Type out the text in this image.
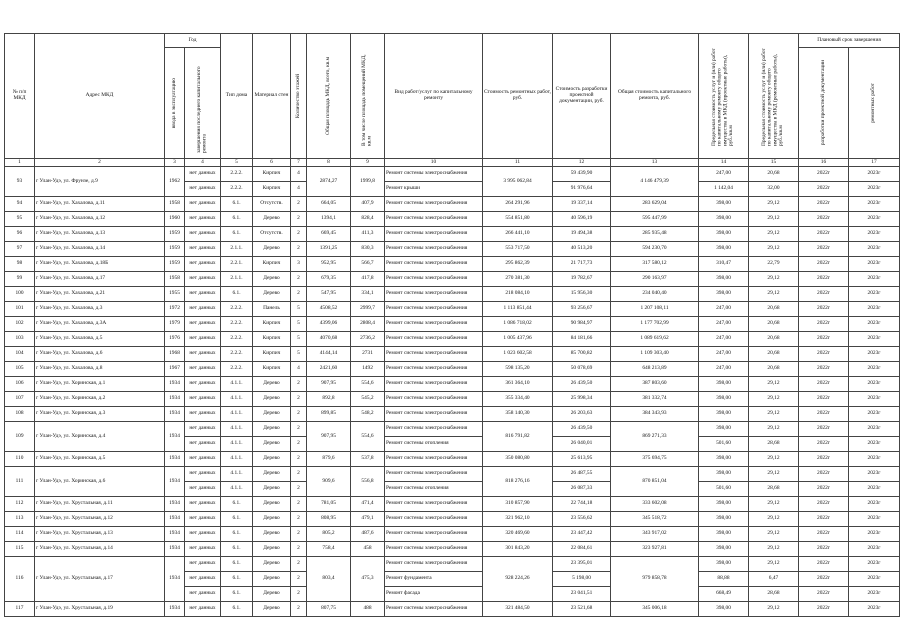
№ п/п МКД	Адрес МКД	Год		Тип дома	Материал стен	Количество этажей	Общая площадь МКД, всего, кв.м	В том числе площадь помещений МКД, кв.м	Вид работ/услуг по капитальному ремонту	Стоимость ремонтных работ, руб.	Стоимость разработки проектной документации, руб.	Общая стоимость капитального ремонта, руб.	Предельная стоимость услуг и (или) работ по капитальному ремонту общего имущества в МКД (проектные работы), руб./кв.м	Предельная стоимость услуг и (или) работ по капитальному ремонту общего имущества в МКД (ремонтные работы), руб./кв.м	Плановый срок завершения	

		ввода в эксплуатацию	завершения последнего капитального ремонта												разработки проектной документации	ремонтных работ

1	2	3	4	5	6	7	8	9	10	11	12	13	14	15	16	17
93	г Улан-Удэ, ул. Фрунзе, д.9	1962	нет данных	2.2.2.	Кирпич	4	2874,27	1999,8	Ремонт системы электроснабжения	3 995 062,84	59 439,90	4 146 479,39	247,00	20,68	2022г	2023г
			нет данных	2.2.2.	Кирпич	4			Ремонт крыши		91 976,64		1 142,04	32,00	2022г	2023г
94	г Улан-Удэ, ул. Хахалова, д.11	1958	нет данных	6.1.	Отсутств.	2	664,05	407,9	Ремонт системы электроснабжения	264 291,96	19 337,14	283 629,04	398,00	29,12	2022г	2023г
95	г Улан-Удэ, ул. Хахалова, д.12	1960	нет данных	6.1.	Дерево	2	1394,1	828,4	Ремонт системы электроснабжения	554 851,80	40 596,19	595 447,99	398,00	29,12	2022г	2023г
96	г Улан-Удэ, ул. Хахалова, д.13	1959	нет данных	6.1.	Отсутств.	2	669,45	411,3	Ремонт системы электроснабжения	266 441,10	19 494,38	285 935,48	398,00	29,12	2022г	2023г
97	г Улан-Удэ, ул. Хахалова, д.14	1959	нет данных	2.1.1.	Дерево	2	1391,25	830,3	Ремонт системы электроснабжения	553 717,50	40 513,20	594 230,70	398,00	29,12	2022г	2023г
98	г Улан-Удэ, ул. Хахалова, д.18Б	1959	нет данных	2.2.1.	Кирпич	3	952,95	566,7	Ремонт системы электроснабжения	295 862,39	21 717,73	317 580,12	310,47	22,79	2022г	2023г
99	г Улан-Удэ, ул. Хахалова, д.17	1958	нет данных	2.1.1.	Дерево	2	679,35	417,8	Ремонт системы электроснабжения	270 381,30	19 782,67	290 163,97	398,00	29,12	2022г	2023г
100	г Улан-Удэ, ул. Хахалова, д.21	1955	нет данных	6.1.	Дерево	2	547,95	334,1	Ремонт системы электроснабжения	218 084,10	15 956,30	234 040,40	398,00	29,12	2022г	2023г
101	г Улан-Удэ, ул. Хахалова, д.3	1972	нет данных	2.2.2.	Панель	5	4508,52	2999,7	Ремонт системы электроснабжения	1 113 851,44	93 256,67	1 207 108,11	247,00	20,68	2022г	2023г
102	г Улан-Удэ, ул. Хахалова, д.3А	1979	нет данных	2.2.2.	Кирпич	5	4399,06	2808,4	Ремонт системы электроснабжения	1 086 718,02	90 984,97	1 177 702,99	247,00	20,68	2022г	2023г
103	г Улан-Удэ, ул. Хахалова, д.5	1976	нет данных	2.2.2.	Кирпич	5	4070,68	2736,2	Ремонт системы электроснабжения	1 005 437,96	84 181,66	1 089 619,62	247,00	20,68	2022г	2023г
104	г Улан-Удэ, ул. Хахалова, д.6	1968	нет данных	2.2.2.	Кирпич	5	4144,14	2731	Ремонт системы электроснабжения	1 023 602,58	85 700,82	1 109 303,40	247,00	20,68	2022г	2023г
105	г Улан-Удэ, ул. Хахалова, д.8	1967	нет данных	2.2.2.	Кирпич	4	2421,60	1492	Ремонт системы электроснабжения	598 135,20	50 078,69	648 213,89	247,00	20,68	2022г	2023г
106	г Улан-Удэ, ул. Хоринская, д.1	1934	нет данных	4.1.1.	Дерево	2	907,95	554,6	Ремонт системы электроснабжения	361 364,10	26 439,50	387 803,60	398,00	29,12	2022г	2023г
107	г Улан-Удэ, ул. Хоринская, д.2	1934	нет данных	4.1.1.	Дерево	2	892,8	545,2	Ремонт системы электроснабжения	355 334,40	25 998,34	381 332,74	398,00	29,12	2022г	2023г
108	г Улан-Удэ, ул. Хоринская, д.3	1934	нет данных	4.1.1.	Дерево	2	899,85	548,2	Ремонт системы электроснабжения	358 140,30	26 203,63	384 343,93	398,00	29,12	2022г	2023г
109	г Улан-Удэ, ул. Хоринская, д.4	1934	нет данных	4.1.1.	Дерево	2	907,95	554,6	Ремонт системы электроснабжения	816 791,82	26 439,50	869 271,33	398,00	29,12	2022г	2023г
			нет данных	4.1.1.	Дерево	2			Ремонт системы отопления		26 040,01		501,60	28,68	2022г	2023г
110	г Улан-Удэ, ул. Хоринская, д.5	1934	нет данных	4.1.1.	Дерево	2	879,6	537,8	Ремонт системы электроснабжения	350 080,80	25 613,95	375 694,75	398,00	29,12	2022г	2023г
111	г Улан-Удэ, ул. Хоринская, д.6	1934	нет данных	4.1.1.	Дерево	2	909,6	556,8	Ремонт системы электроснабжения	818 276,16	26 487,55	870 851,04	398,00	29,12	2022г	2023г
			нет данных	4.1.1.	Дерево	2			Ремонт системы отопления		26 087,33		501,60	28,68	2022г	2023г
112	г Улан-Удэ, ул. Хрустальная, д.11	1934	нет данных	6.1.	Дерево	2	781,05	471,4	Ремонт системы электроснабжения	310 857,90	22 744,18	333 602,08	398,00	29,12	2022г	2023г
113	г Улан-Удэ, ул. Хрустальная, д.12	1934	нет данных	6.1.	Дерево	2	808,95	479,1	Ремонт системы электроснабжения	321 962,10	23 556,62	345 518,72	398,00	29,12	2022г	2023г
114	г Улан-Удэ, ул. Хрустальная, д.13	1934	нет данных	6.1.	Дерево	2	805,2	487,6	Ремонт системы электроснабжения	320 469,60	23 447,42	343 917,02	398,00	29,12	2022г	2023г
115	г Улан-Удэ, ул. Хрустальная, д.14	1934	нет данных	6.1.	Дерево	2	758,4	458	Ремонт системы электроснабжения	301 843,20	22 084,61	323 927,81	398,00	29,12	2022г	2023г
116	г Улан-Удэ, ул. Хрустальная, д.17	1934	нет данных	6.1.	Дерево	2	803,4	475,3	Ремонт системы электроснабжения	928 224,26	23 395,01	979 858,78	398,00	29,12	2022г	2023г
			нет данных	6.1.	Дерево	2			Ремонт фундамента		5 198,00		88,88	6,47	2022г	2023г
			нет данных	6.1.	Дерево	2			Ремонт фасада		23 041,51		668,49	28,68	2022г	2023г
117	г Улан-Удэ, ул. Хрустальная, д.19	1934	нет данных	6.1.	Дерево	2	807,75	488	Ремонт системы электроснабжения	321 484,50	23 521,68	345 006,18	398,00	29,12	2022г	2023г
